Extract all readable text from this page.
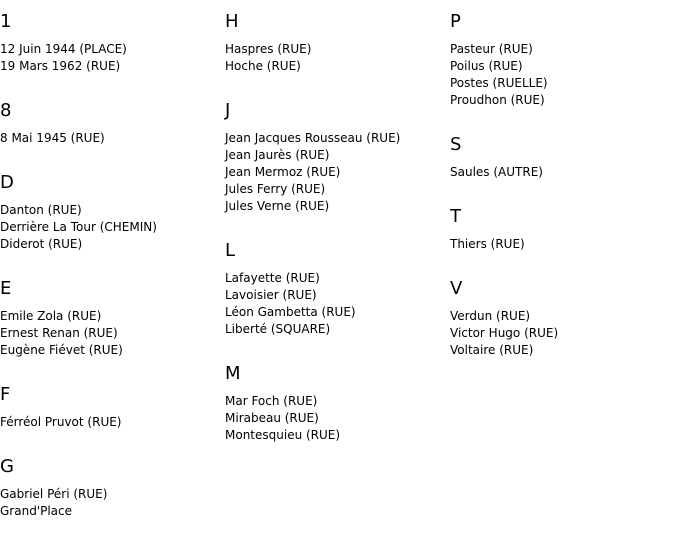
1
12 Juin 1944 (PLACE)
19 Mars 1962 (RUE)
8
8 Mai 1945 (RUE)
D
Danton (RUE)
Derrière La Tour (CHEMIN)
Diderot (RUE)
E
Emile Zola (RUE)
Ernest Renan (RUE)
Eugène Fiévet (RUE)
F
Férréol Pruvot (RUE)
G
Gabriel Péri (RUE)
Grand'Place
H
Haspres (RUE)
Hoche (RUE)
J
Jean Jacques Rousseau (RUE)
Jean Jaurès (RUE)
Jean Mermoz (RUE)
Jules Ferry (RUE)
Jules Verne (RUE)
L
Lafayette (RUE)
Lavoisier (RUE)
Léon Gambetta (RUE)
Liberté (SQUARE)
M
Mar Foch (RUE)
Mirabeau (RUE)
Montesquieu (RUE)
P
Pasteur (RUE)
Poilus (RUE)
Postes (RUELLE)
Proudhon (RUE)
S
Saules (AUTRE)
T
Thiers (RUE)
V
Verdun (RUE)
Victor Hugo (RUE)
Voltaire (RUE)
